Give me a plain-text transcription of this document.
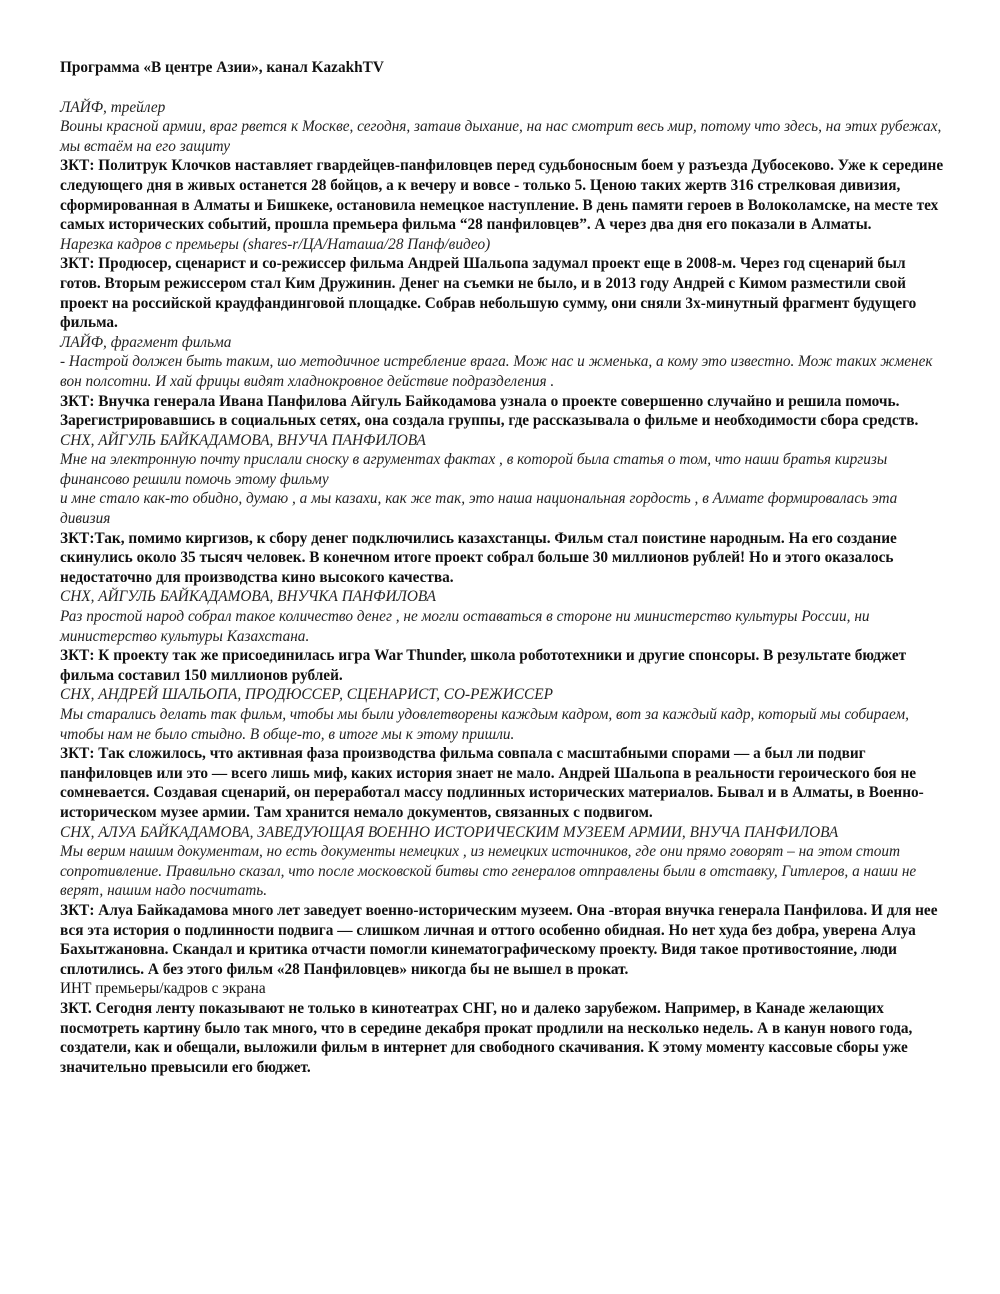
Программа «В центре Азии», канал KazakhTV

ЛАЙФ, трейлер

Воины красной армии, враг рвется к Москве, сегодня, затаив дыхание, на нас смотрит весь мир, потому что здесь, на этих рубежах, мы встаём на его защиту

ЗКТ: Политрук Клочков наставляет гвардейцев-панфиловцев перед судьбоносным боем у разъезда Дубосеково. Уже к середине следующего дня в живых останется 28 бойцов, а к вечеру и вовсе - только 5. Ценою таких жертв 316 стрелковая дивизия, сформированная в Алматы и Бишкеке, остановила немецкое наступление. В день памяти героев в Волоколамске, на месте тех самых исторических событий, прошла премьера фильма “28 панфиловцев”. А через два дня его показали в Алматы.

Нарезка кадров с премьеры (shares-r/ЦА/Наташа/28 Панф/видео)

ЗКТ: Продюсер, сценарист и со-режиссер фильма Андрей Шальопа задумал проект еще в 2008-м. Через год сценарий был готов. Вторым режиссером стал Ким Дружинин. Денег на съемки не было, и в 2013 году Андрей с Кимом разместили свой проект на российской краудфандинговой площадке. Собрав небольшую сумму, они сняли 3х-минутный фрагмент будущего фильма.

ЛАЙФ, фрагмент фильма

- Настрой должен быть таким, шо методичное истребление врага. Мож нас и жменька, а кому это известно. Мож таких жменек вон полсотни. И хай фрицы видят хладнокровное действие подразделения .

ЗКТ: Внучка генерала Ивана Панфилова Айгуль Байкодамова узнала о проекте совершенно случайно и решила помочь. Зарегистрировавшись в социальных сетях, она создала группы, где рассказывала о фильме и необходимости сбора средств.

СНХ, АЙГУЛЬ БАЙКАДАМОВА, ВНУЧА ПАНФИЛОВА

Мне на электронную почту прислали сноску в агрументах фактах , в которой была статья о том, что наши братья киргизы финансово решили помочь этому фильму

и мне стало как-то обидно, думаю , а мы казахи, как же так, это наша национальная гордость , в Алмате формировалась эта дивизия

ЗКТ:Так, помимо киргизов, к сбору денег подключились казахстанцы. Фильм стал поистине народным. На его создание скинулись около 35 тысяч человек. В конечном итоге проект собрал больше 30 миллионов рублей! Но и этого оказалось недостаточно для производства кино высокого качества.

СНХ, АЙГУЛЬ БАЙКАДАМОВА, ВНУЧКА ПАНФИЛОВА

Раз простой народ собрал такое количество денег , не могли оставаться в стороне ни министерство культуры России, ни министерство культуры Казахстана.

ЗКТ: К проекту так же присоединилась игра War Thunder, школа робототехники и другие спонсоры. В результате бюджет фильма составил 150 миллионов рублей.

СНХ, АНДРЕЙ ШАЛЬОПА, ПРОДЮССЕР, СЦЕНАРИСТ, СО-РЕЖИССЕР

Мы старались делать так фильм, чтобы мы были удовлетворены каждым кадром, вот за каждый кадр, который мы собираем, чтобы нам не было стыдно. В обще-то, в итоге мы к этому пришли.

ЗКТ: Так сложилось, что активная фаза производства фильма совпала с масштабными спорами — а был ли подвиг панфиловцев или это — всего лишь миф, каких история знает не мало. Андрей Шальопа в реальности героического боя не сомневается. Создавая сценарий, он переработал массу подлинных исторических материалов. Бывал и в Алматы, в Военно-историческом музее армии. Там хранится немало документов, связанных с подвигом.

СНХ, АЛУА БАЙКАДАМОВА, ЗАВЕДУЮЩАЯ ВОЕННО ИСТОРИЧЕСКИМ МУЗЕЕМ АРМИИ, ВНУЧА ПАНФИЛОВА

Мы верим нашим документам, но есть документы немецких , из немецких источников, где они прямо говорят – на этом стоит сопротивление. Правильно сказал, что после московской битвы сто генералов отправлены были в отставку, Гитлеров, а наши не верят, нашим надо посчитать.

ЗКТ: Алуа Байкадамова много лет заведует военно-историческим музеем. Она -вторая внучка генерала Панфилова. И для нее вся эта история о подлинности подвига — слишком личная и оттого особенно обидная. Но нет худа без добра, уверена Алуа Бахытжановна. Скандал и критика отчасти помогли кинематографическому проекту. Видя такое противостояние, люди сплотились. А без этого фильм «28 Панфиловцев» никогда бы не вышел в прокат.

ИНТ премьеры/кадров с экрана

ЗКТ. Сегодня ленту показывают не только в кинотеатрах СНГ, но и далеко зарубежом. Например, в Канаде желающих посмотреть картину было так много, что в середине декабря прокат продлили на несколько недель. А в канун нового года, создатели, как и обещали, выложили фильм в интернет для свободного скачивания. К этому моменту кассовые сборы уже значительно превысили его бюджет.
